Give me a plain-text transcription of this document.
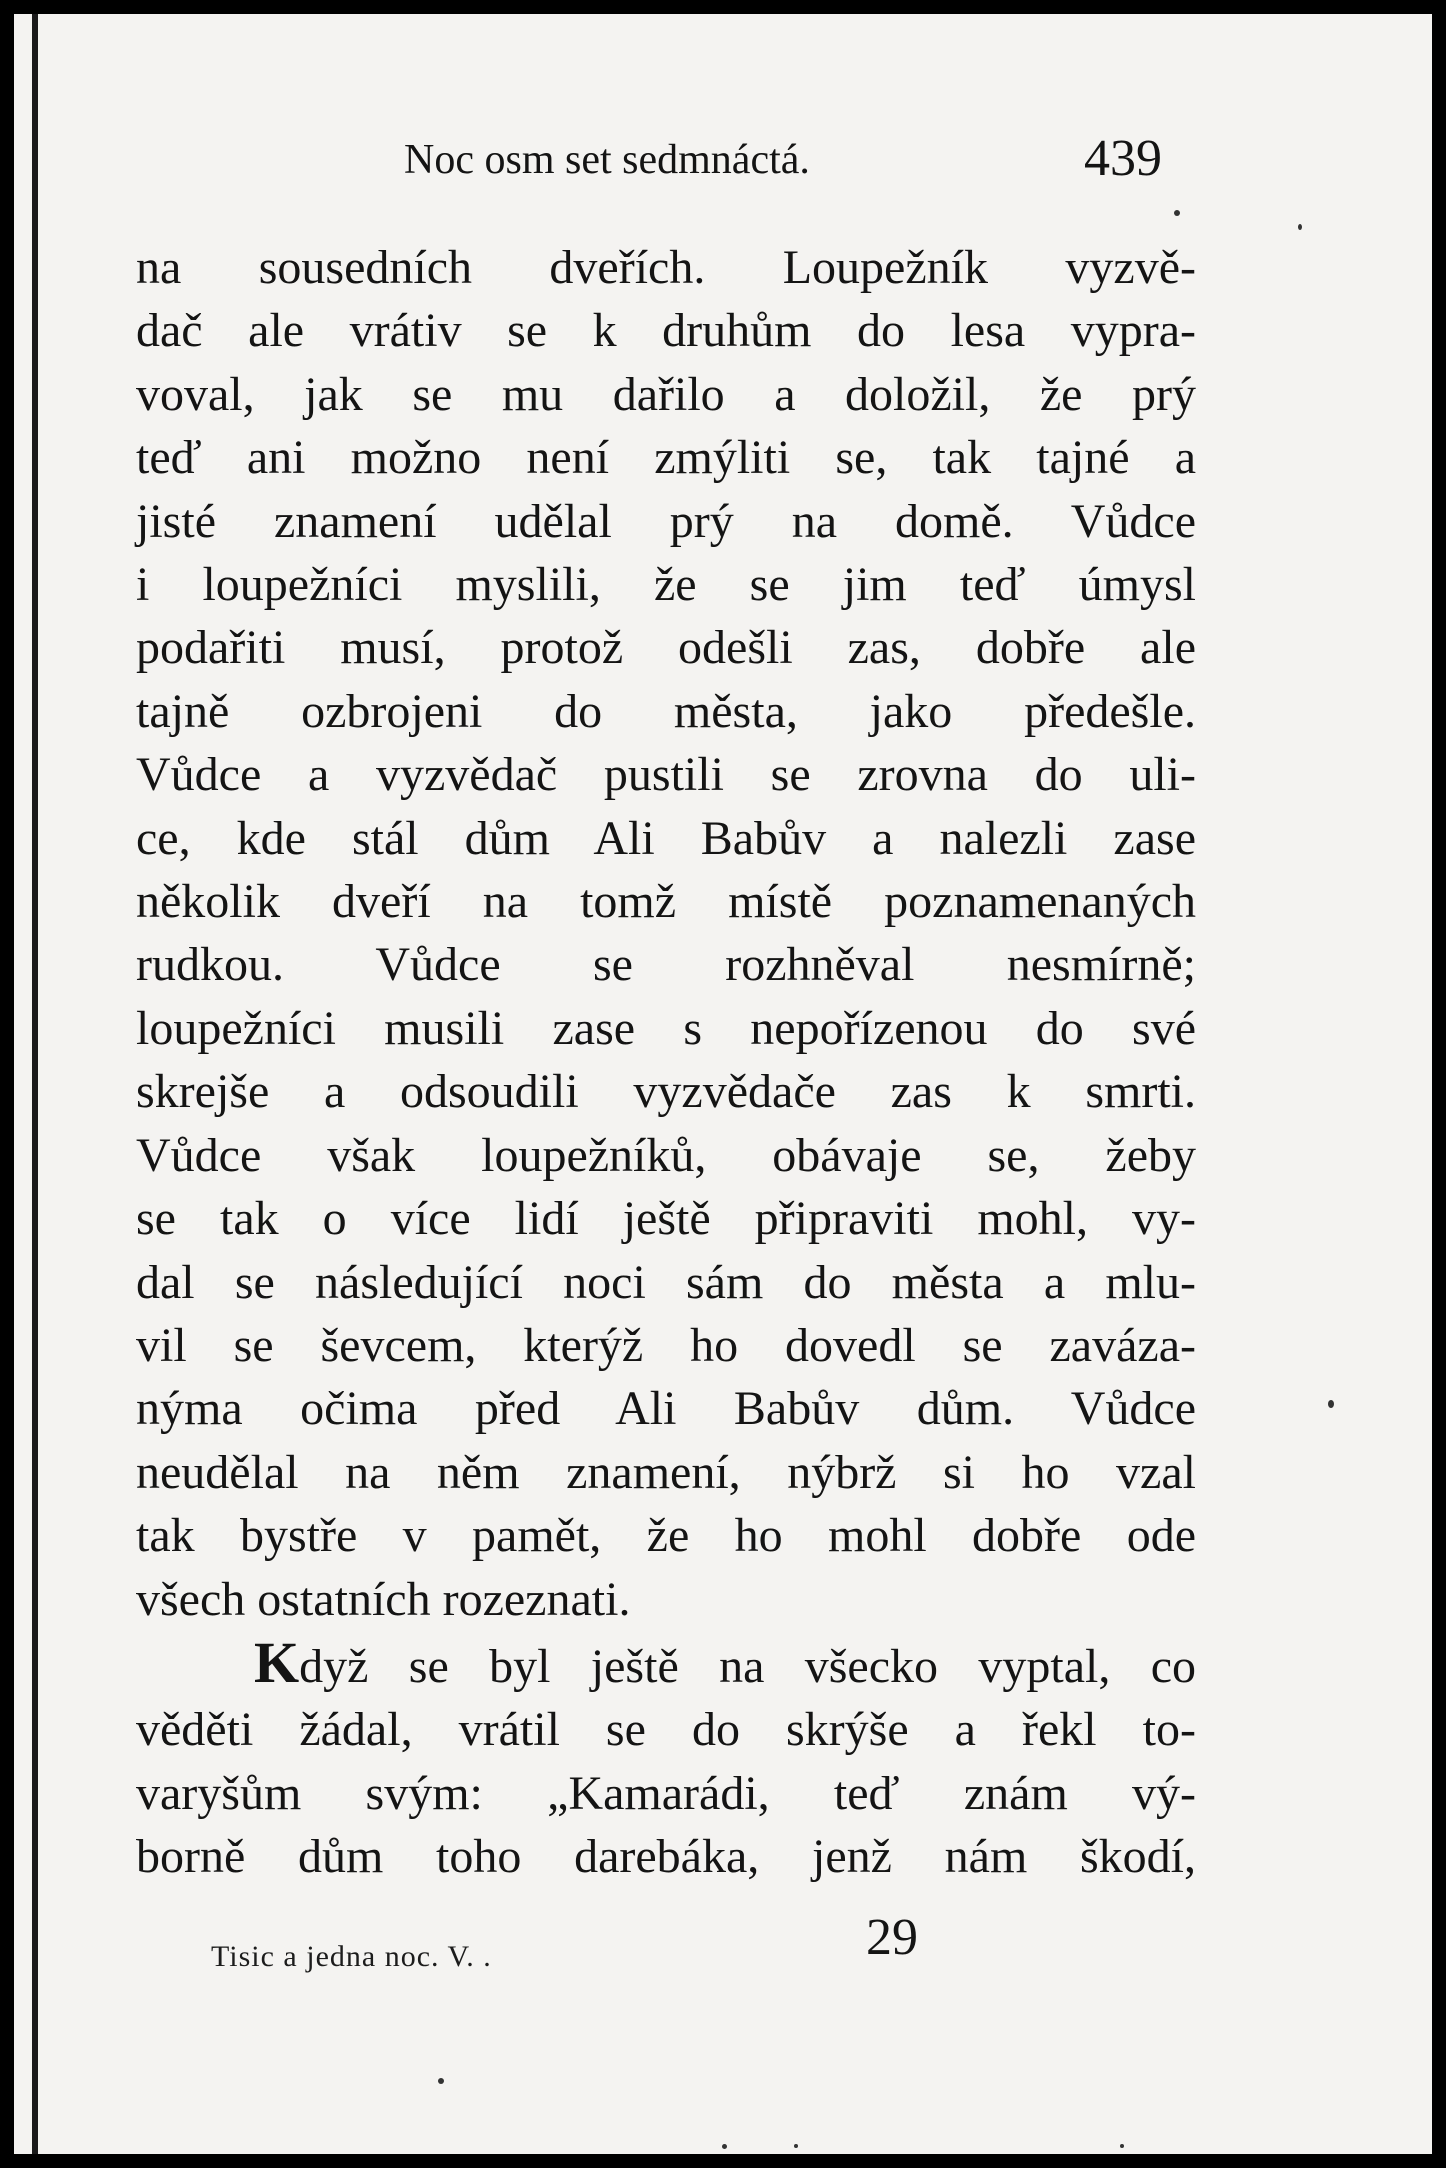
Noc osm set sedmnáctá.	439
na sousedních dveřích. Loupežník vyzvě-
dač ale vrátiv se k druhům do lesa vypra-
voval, jak se mu dařilo a doložil, že prý
teď ani možno není zmýliti se, tak tajné a
jisté znamení udělal prý na domě. Vůdce
i loupežníci myslili, že se jim teď úmysl
podařiti musí, protož odešli zas, dobře ale
tajně ozbrojeni do města, jako předešle.
Vůdce a vyzvědač pustili se zrovna do uli-
ce, kde stál dům Ali Babův a nalezli zase
několik dveří na tomž místě poznamenaných
rudkou. Vůdce se rozhněval nesmírně;
loupežníci musili zase s nepořízenou do své
skrejše a odsoudili vyzvědače zas k smrti.
Vůdce však loupežníků, obávaje se, žeby
se tak o více lidí ještě připraviti mohl, vy-
dal se následující noci sám do města a mlu-
vil se ševcem, kterýž ho dovedl se zavázа-
nýma očima před Ali Babův dům. Vůdce
neudělal na něm znamení, nýbrž si ho vzal
tak bystře v pamět, že ho mohl dobře ode
všech ostatních rozeznati.
Když se byl ještě na všecko vyptal, co
věděti žádal, vrátil se do skrýše a řekl to-
varyšům svým: „Kamarádi, teď znám vý-
borně dům toho darebáka, jenž nám škodí,
29
Tisic a jedna noc. V. .
